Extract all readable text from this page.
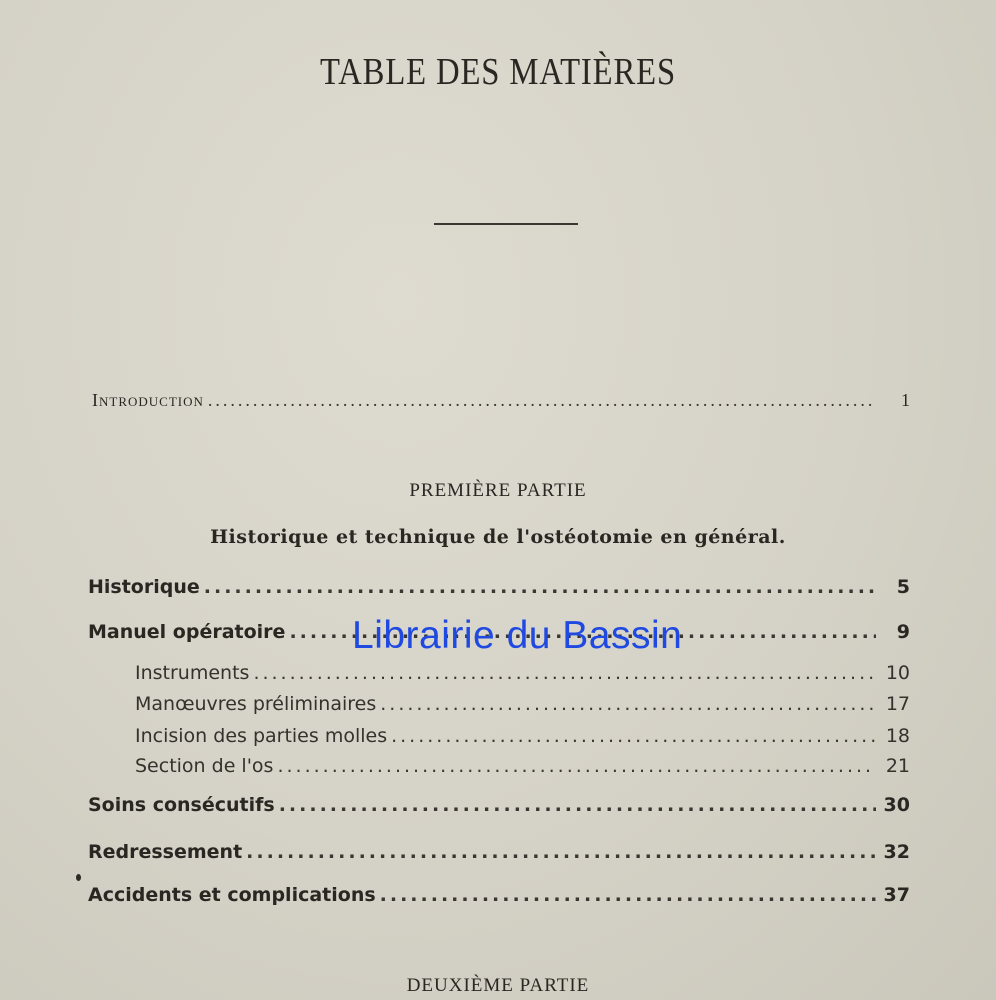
TABLE DES MATIÈRES
Introduction .....	1
PREMIÈRE PARTIE
Historique et technique de l'ostéotomie en général.
Historique .....	5
Manuel opératoire .....	9
Instruments .....	10
Manœuvres préliminaires .....	17
Incision des parties molles .....	18
Section de l'os .....	21
Soins consécutifs .....	30
Redressement .....	32
Accidents et complications .....	37
DEUXIÈME PARTIE
Librairie du Bassin
